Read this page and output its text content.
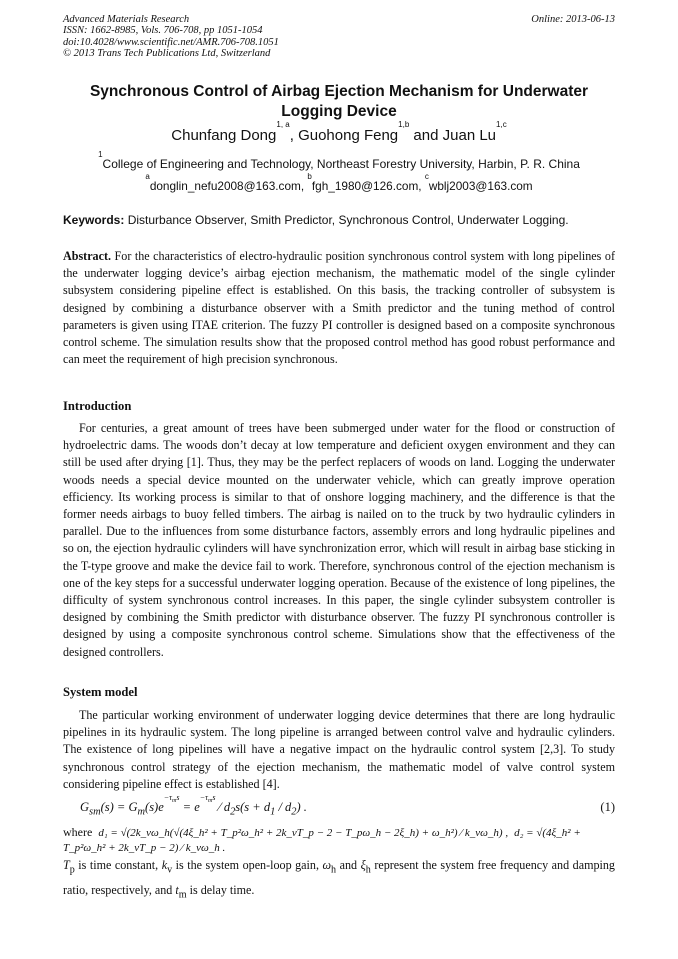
Advanced Materials Research
ISSN: 1662-8985, Vols. 706-708, pp 1051-1054
doi:10.4028/www.scientific.net/AMR.706-708.1051
© 2013 Trans Tech Publications Ltd, Switzerland
Online: 2013-06-13
Synchronous Control of Airbag Ejection Mechanism for Underwater Logging Device
Chunfang Dong$^{1, a}$, Guohong Feng$^{1,b}$ and Juan Lu$^{1,c}$
$^1$College of Engineering and Technology, Northeast Forestry University, Harbin, P. R. China
$^a$donglin_nefu2008@163.com, $^b$fgh_1980@126.com, $^c$wblj2003@163.com
Keywords: Disturbance Observer, Smith Predictor, Synchronous Control, Underwater Logging.
Abstract. For the characteristics of electro-hydraulic position synchronous control system with long pipelines of the underwater logging device’s airbag ejection mechanism, the mathematic model of the single cylinder subsystem considering pipeline effect is established. On this basis, the tracking controller of subsystem is designed by combining a disturbance observer with a Smith predictor and the tuning method of control parameters is given using ITAE criterion. The fuzzy PI controller is designed based on a composite synchronous control scheme. The simulation results show that the proposed control method has good robust performance and can meet the requirement of high precision synchronous.
Introduction
For centuries, a great amount of trees have been submerged under water for the flood or construction of hydroelectric dams. The woods don’t decay at low temperature and deficient oxygen environment and they can still be used after drying [1]. Thus, they may be the perfect replacers of woods on land. Logging the underwater woods needs a special device mounted on the underwater vehicle, which can greatly improve operation efficiency. Its working process is similar to that of onshore logging machinery, and the difference is that the former needs airbags to buoy felled timbers. The airbag is nailed on to the truck by two hydraulic cylinders in parallel. Due to the influences from some disturbance factors, assembly errors and long hydraulic pipelines and so on, the ejection hydraulic cylinders will have synchronization error, which will result in airbag base sticking in the T-type groove and make the device fail to work. Therefore, synchronous control of the ejection mechanism is one of the key steps for a successful underwater logging operation. Because of the existence of long pipelines, the difficulty of system synchronous control increases. In this paper, the single cylinder subsystem controller is designed by combining the Smith predictor with disturbance observer. The fuzzy PI synchronous controller is designed by using a composite synchronous control scheme. Simulations show that the effectiveness of the designed controllers.
System model
The particular working environment of underwater logging device determines that there are long hydraulic pipelines in its hydraulic system. The long pipeline is arranged between control valve and hydraulic cylinders. The existence of long pipelines will have a negative impact on the hydraulic control system [2,3]. To study synchronous control strategy of the ejection mechanism, the mathematic model of valve control system considering pipeline effect is established [4].
$G_{sm}(s) = G_m(s)e^{-\tau ms} = e^{-\tau ms}$ ⁄ $d_2s(s + d_1 / d_2)$ .	(1)
where d₁ = √(2k_vω_h(√(4ξ_h² + T_p²ω_h² + 2k_vT_p − 2 − T_pω_h − 2ξ_h) + ω_h²) ⁄ k_vω_h) , d₂ = √(4ξ_h² + T_p²ω_h² + 2k_vT_p − 2) ⁄ k_vω_h .
$T_p$ is time constant, $k_v$ is the system open-loop gain, $\omega_h$ and $\xi_h$ represent the system free frequency and damping ratio, respectively, and $t_m$ is delay time.
